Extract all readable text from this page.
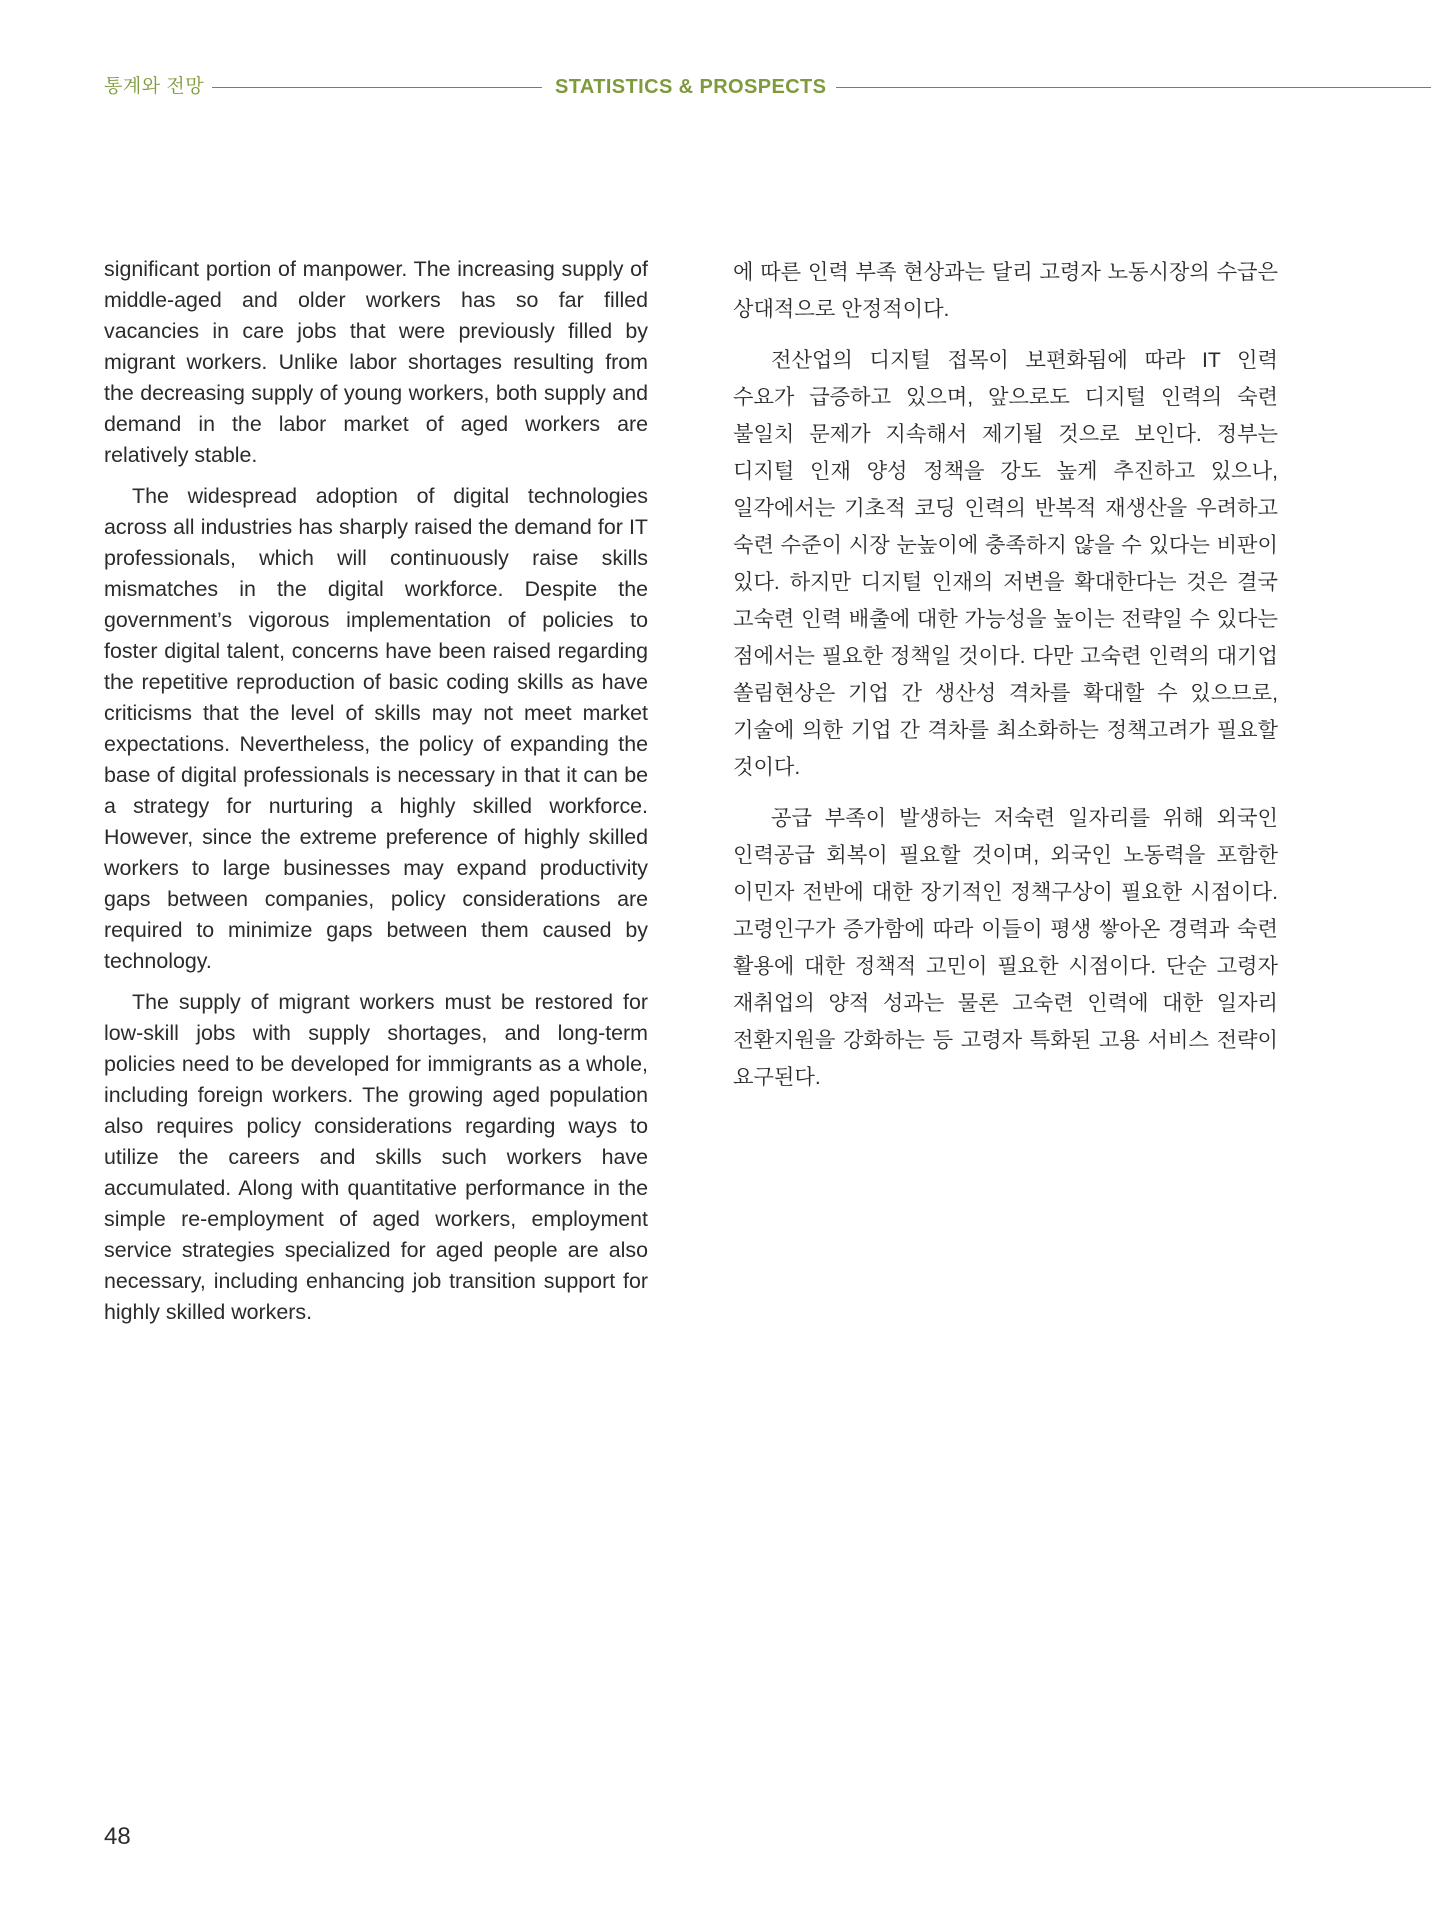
통계와 전망	STATISTICS & PROSPECTS

significant portion of manpower. The increasing supply of middle-aged and older workers has so far filled vacancies in care jobs that were previously filled by migrant workers. Unlike labor shortages resulting from the decreasing supply of young workers, both supply and demand in the labor market of aged workers are relatively stable.

The widespread adoption of digital technologies across all industries has sharply raised the demand for IT professionals, which will continuously raise skills mismatches in the digital workforce. Despite the government’s vigorous implementation of policies to foster digital talent, concerns have been raised regarding the repetitive reproduction of basic coding skills as have criticisms that the level of skills may not meet market expectations. Nevertheless, the policy of expanding the base of digital professionals is necessary in that it can be a strategy for nurturing a highly skilled workforce. However, since the extreme preference of highly skilled workers to large businesses may expand productivity gaps between companies, policy considerations are required to minimize gaps between them caused by technology.

The supply of migrant workers must be restored for low-skill jobs with supply shortages, and long-term policies need to be developed for immigrants as a whole, including foreign workers. The growing aged population also requires policy considerations regarding ways to utilize the careers and skills such workers have accumulated. Along with quantitative performance in the simple re-employment of aged workers, employment service strategies specialized for aged people are also necessary, including enhancing job transition support for highly skilled workers.

에 따른 인력 부족 현상과는 달리 고령자 노동시장의 수급은 상대적으로 안정적이다.

전산업의 디지털 접목이 보편화됨에 따라 IT 인력 수요가 급증하고 있으며, 앞으로도 디지털 인력의 숙련 불일치 문제가 지속해서 제기될 것으로 보인다. 정부는 디지털 인재 양성 정책을 강도 높게 추진하고 있으나, 일각에서는 기초적 코딩 인력의 반복적 재생산을 우려하고 숙련 수준이 시장 눈높이에 충족하지 않을 수 있다는 비판이 있다. 하지만 디지털 인재의 저변을 확대한다는 것은 결국 고숙련 인력 배출에 대한 가능성을 높이는 전략일 수 있다는 점에서는 필요한 정책일 것이다. 다만 고숙련 인력의 대기업 쏠림현상은 기업 간 생산성 격차를 확대할 수 있으므로, 기술에 의한 기업 간 격차를 최소화하는 정책고려가 필요할 것이다.

공급 부족이 발생하는 저숙련 일자리를 위해 외국인 인력공급 회복이 필요할 것이며, 외국인 노동력을 포함한 이민자 전반에 대한 장기적인 정책구상이 필요한 시점이다. 고령인구가 증가함에 따라 이들이 평생 쌓아온 경력과 숙련 활용에 대한 정책적 고민이 필요한 시점이다. 단순 고령자 재취업의 양적 성과는 물론 고숙련 인력에 대한 일자리 전환지원을 강화하는 등 고령자 특화된 고용 서비스 전략이 요구된다.

48
